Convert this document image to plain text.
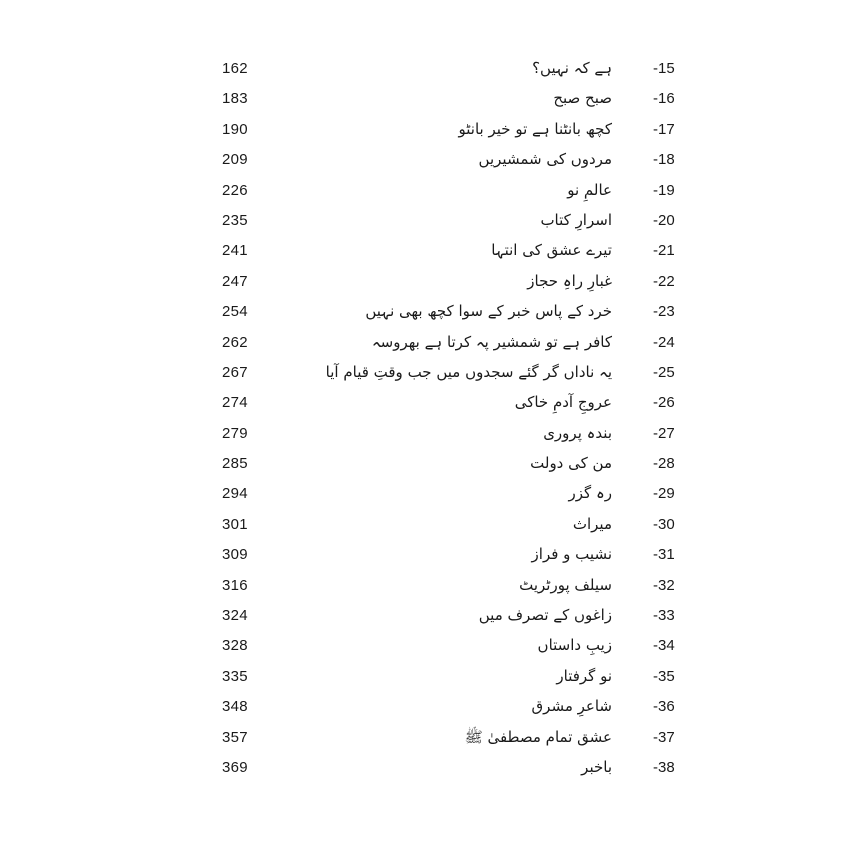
162	ہے کہ نہیں؟	-15
183	صبح صبح	-16
190	کچھ بانٹنا ہے تو خیر بانٹو	-17
209	مردوں کی شمشیریں	-18
226	عالمِ نو	-19
235	اسرارِ کتاب	-20
241	تیرے عشق کی انتہا	-21
247	غبارِ راہِ حجاز	-22
254	خرد کے پاس خبر کے سوا کچھ بھی نہیں	-23
262	کافر ہے تو شمشیر پہ کرتا ہے بھروسہ	-24
267	یہ ناداں گر گئے سجدوں میں جب وقتِ قیام آیا	-25
274	عروجِ آدمِ خاکی	-26
279	بندہ پروری	-27
285	من کی دولت	-28
294	رہ گزر	-29
301	میراث	-30
309	نشیب و فراز	-31
316	سیلف پورٹریٹ	-32
324	زاغوں کے تصرف میں	-33
328	زیبِ داستاں	-34
335	نو گرفتار	-35
348	شاعرِ مشرق	-36
357	عشق تمام مصطفیٰ ﷺ	-37
369	باخبر	-38
